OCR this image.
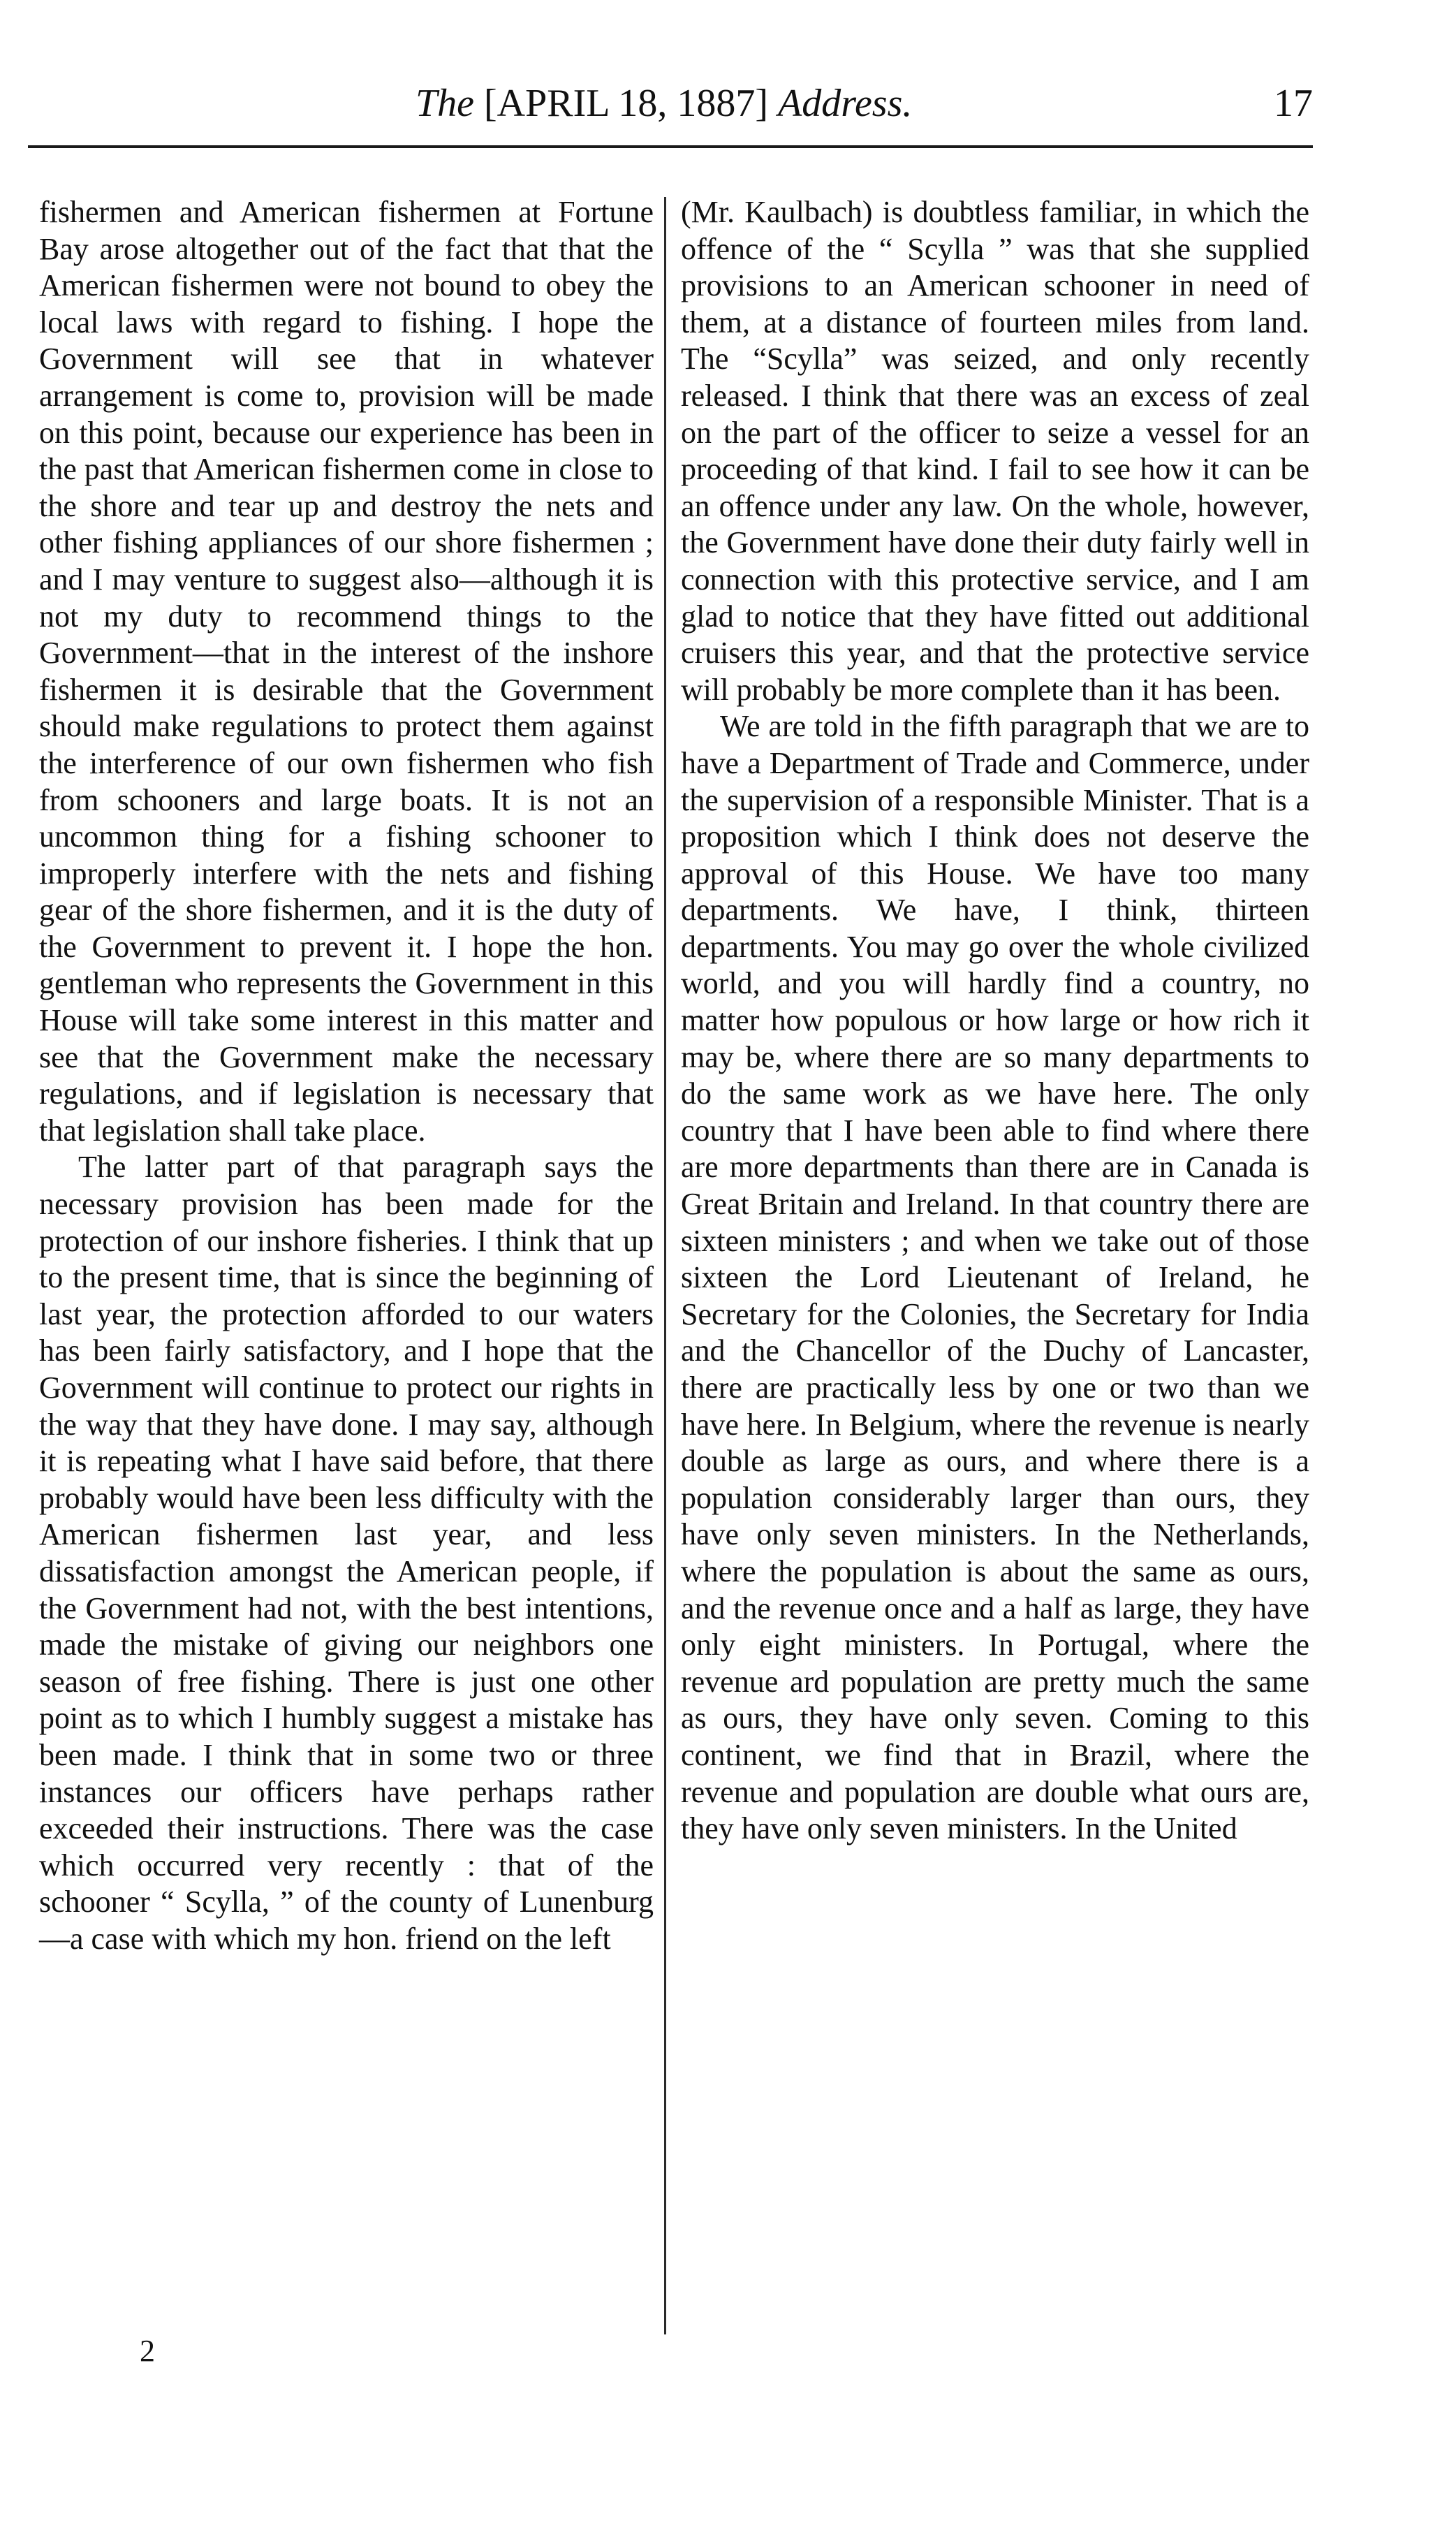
The [APRIL 18, 1887] Address.	17

fishermen and American fishermen at Fortune Bay arose altogether out of the fact that that the American fishermen were not bound to obey the local laws with regard to fishing. I hope the Government will see that in whatever arrangement is come to, provision will be made on this point, because our experience has been in the past that American fishermen come in close to the shore and tear up and destroy the nets and other fishing appliances of our shore fishermen ; and I may venture to suggest also—although it is not my duty to recommend things to the Government—that in the interest of the inshore fishermen it is desirable that the Government should make regulations to protect them against the interference of our own fishermen who fish from schooners and large boats. It is not an uncommon thing for a fishing schooner to improperly interfere with the nets and fishing gear of the shore fishermen, and it is the duty of the Government to prevent it. I hope the hon. gentleman who represents the Government in this House will take some interest in this matter and see that the Government make the necessary regulations, and if legislation is necessary that that legislation shall take place.

The latter part of that paragraph says the necessary provision has been made for the protection of our inshore fisheries. I think that up to the present time, that is since the beginning of last year, the protection afforded to our waters has been fairly satisfactory, and I hope that the Government will continue to protect our rights in the way that they have done. I may say, although it is repeating what I have said before, that there probably would have been less difficulty with the American fishermen last year, and less dissatisfaction amongst the American people, if the Government had not, with the best intentions, made the mistake of giving our neighbors one season of free fishing. There is just one other point as to which I humbly suggest a mistake has been made. I think that in some two or three instances our officers have perhaps rather exceeded their instructions. There was the case which occurred very recently : that of the schooner “ Scylla, ” of the county of Lunenburg—a case with which my hon. friend on the left

(Mr. Kaulbach) is doubtless familiar, in which the offence of the “ Scylla ” was that she supplied provisions to an American schooner in need of them, at a distance of fourteen miles from land. The “Scylla” was seized, and only recently released. I think that there was an excess of zeal on the part of the officer to seize a vessel for an proceeding of that kind. I fail to see how it can be an offence under any law. On the whole, however, the Government have done their duty fairly well in connection with this protective service, and I am glad to notice that they have fitted out additional cruisers this year, and that the protective service will probably be more complete than it has been.

We are told in the fifth paragraph that we are to have a Department of Trade and Commerce, under the supervision of a responsible Minister. That is a proposition which I think does not deserve the approval of this House. We have too many departments. We have, I think, thirteen departments. You may go over the whole civilized world, and you will hardly find a country, no matter how populous or how large or how rich it may be, where there are so many departments to do the same work as we have here. The only country that I have been able to find where there are more departments than there are in Canada is Great Britain and Ireland. In that country there are sixteen ministers ; and when we take out of those sixteen the Lord Lieutenant of Ireland, he Secretary for the Colonies, the Secretary for India and the Chancellor of the Duchy of Lancaster, there are practically less by one or two than we have here. In Belgium, where the revenue is nearly double as large as ours, and where there is a population considerably larger than ours, they have only seven ministers. In the Netherlands, where the population is about the same as ours, and the revenue once and a half as large, they have only eight ministers. In Portugal, where the revenue ard population are pretty much the same as ours, they have only seven. Coming to this continent, we find that in Brazil, where the revenue and population are double what ours are, they have only seven ministers. In the United

2
